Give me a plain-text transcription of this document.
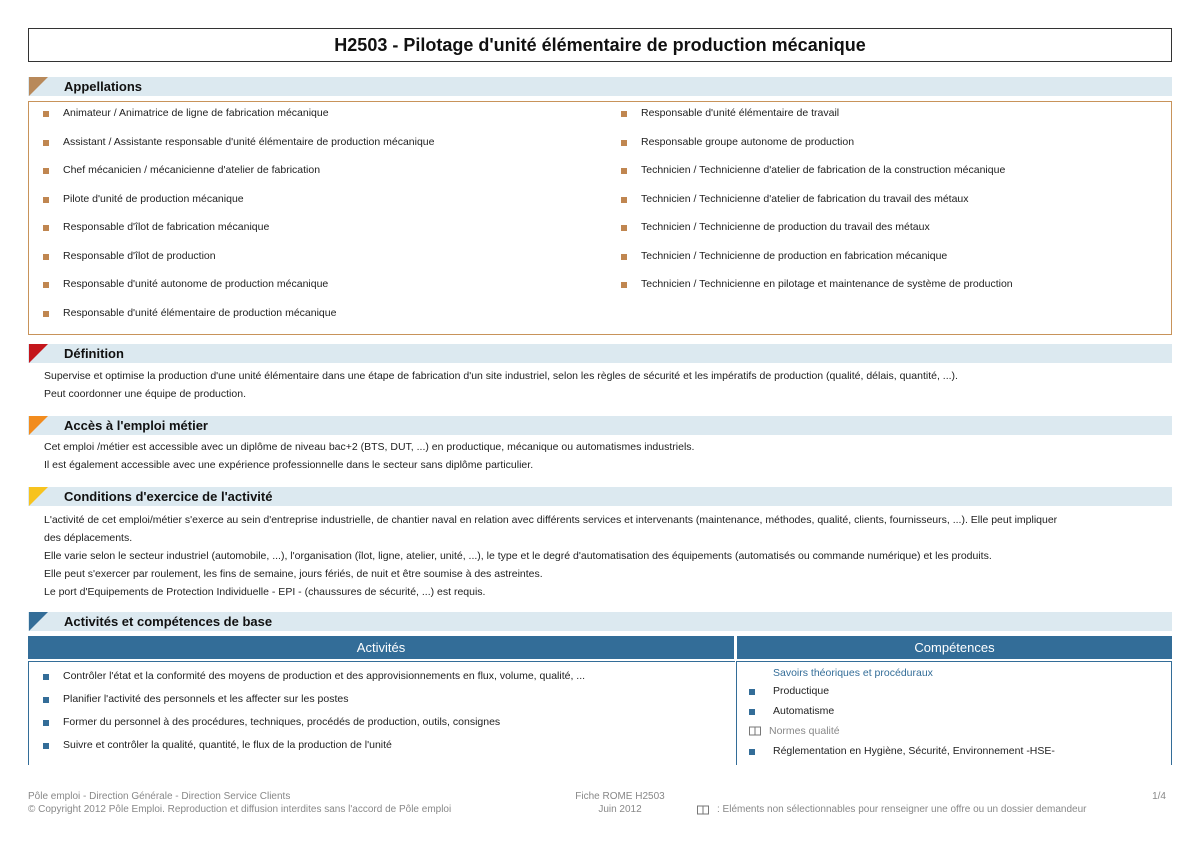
H2503 - Pilotage d'unité élémentaire de production mécanique
Appellations
Animateur / Animatrice de ligne de fabrication mécanique
Assistant / Assistante responsable d'unité élémentaire de production mécanique
Chef mécanicien / mécanicienne d'atelier de fabrication
Pilote d'unité de production mécanique
Responsable d'îlot de fabrication mécanique
Responsable d'îlot de production
Responsable d'unité autonome de production mécanique
Responsable d'unité élémentaire de production mécanique
Responsable d'unité élémentaire de travail
Responsable groupe autonome de production
Technicien / Technicienne d'atelier de fabrication de la construction mécanique
Technicien / Technicienne d'atelier de fabrication du travail des métaux
Technicien / Technicienne de production du travail des métaux
Technicien / Technicienne de production en fabrication mécanique
Technicien / Technicienne en pilotage et maintenance de système de production
Définition

Supervise et optimise la production d'une unité élémentaire dans une étape de fabrication d'un site industriel, selon les règles de sécurité et les impératifs de production (qualité, délais, quantité, ...).

Peut coordonner une équipe de production.

Accès à l'emploi métier

Cet emploi /métier est accessible avec un diplôme de niveau bac+2 (BTS, DUT, ...) en productique, mécanique ou automatismes industriels.

Il est également accessible avec une expérience professionnelle dans le secteur sans diplôme particulier.

Conditions d'exercice de l'activité

L'activité de cet emploi/métier s'exerce au sein d'entreprise industrielle, de chantier naval en relation avec différents services et intervenants (maintenance, méthodes, qualité, clients, fournisseurs, ...). Elle peut impliquer

des déplacements.

Elle varie selon le secteur industriel (automobile, ...), l'organisation (îlot, ligne, atelier, unité, ...), le type et le degré d'automatisation des équipements (automatisés ou commande numérique) et les produits.

Elle peut s'exercer par roulement, les fins de semaine, jours fériés, de nuit et être soumise à des astreintes.

Le port d'Equipements de Protection Individuelle - EPI - (chaussures de sécurité, ...) est requis.

Activités et compétences de base
Activités	Compétences
Contrôler l'état et la conformité des moyens de production et des approvisionnements en flux, volume, qualité, ...
Planifier l'activité des personnels et les affecter sur les postes
Former du personnel à des procédures, techniques, procédés de production, outils, consignes
Suivre et contrôler la qualité, quantité, le flux de la production de l'unité
Savoirs théoriques et procéduraux
Productique
Automatisme
Normes qualité
Réglementation en Hygiène, Sécurité, Environnement -HSE-
Pôle emploi - Direction Générale - Direction Service Clients
© Copyright 2012 Pôle Emploi. Reproduction et diffusion interdites sans l'accord de Pôle emploi
Fiche ROME H2503
Juin 2012
1/4
: Eléments non sélectionnables pour renseigner une offre ou un dossier demandeur
